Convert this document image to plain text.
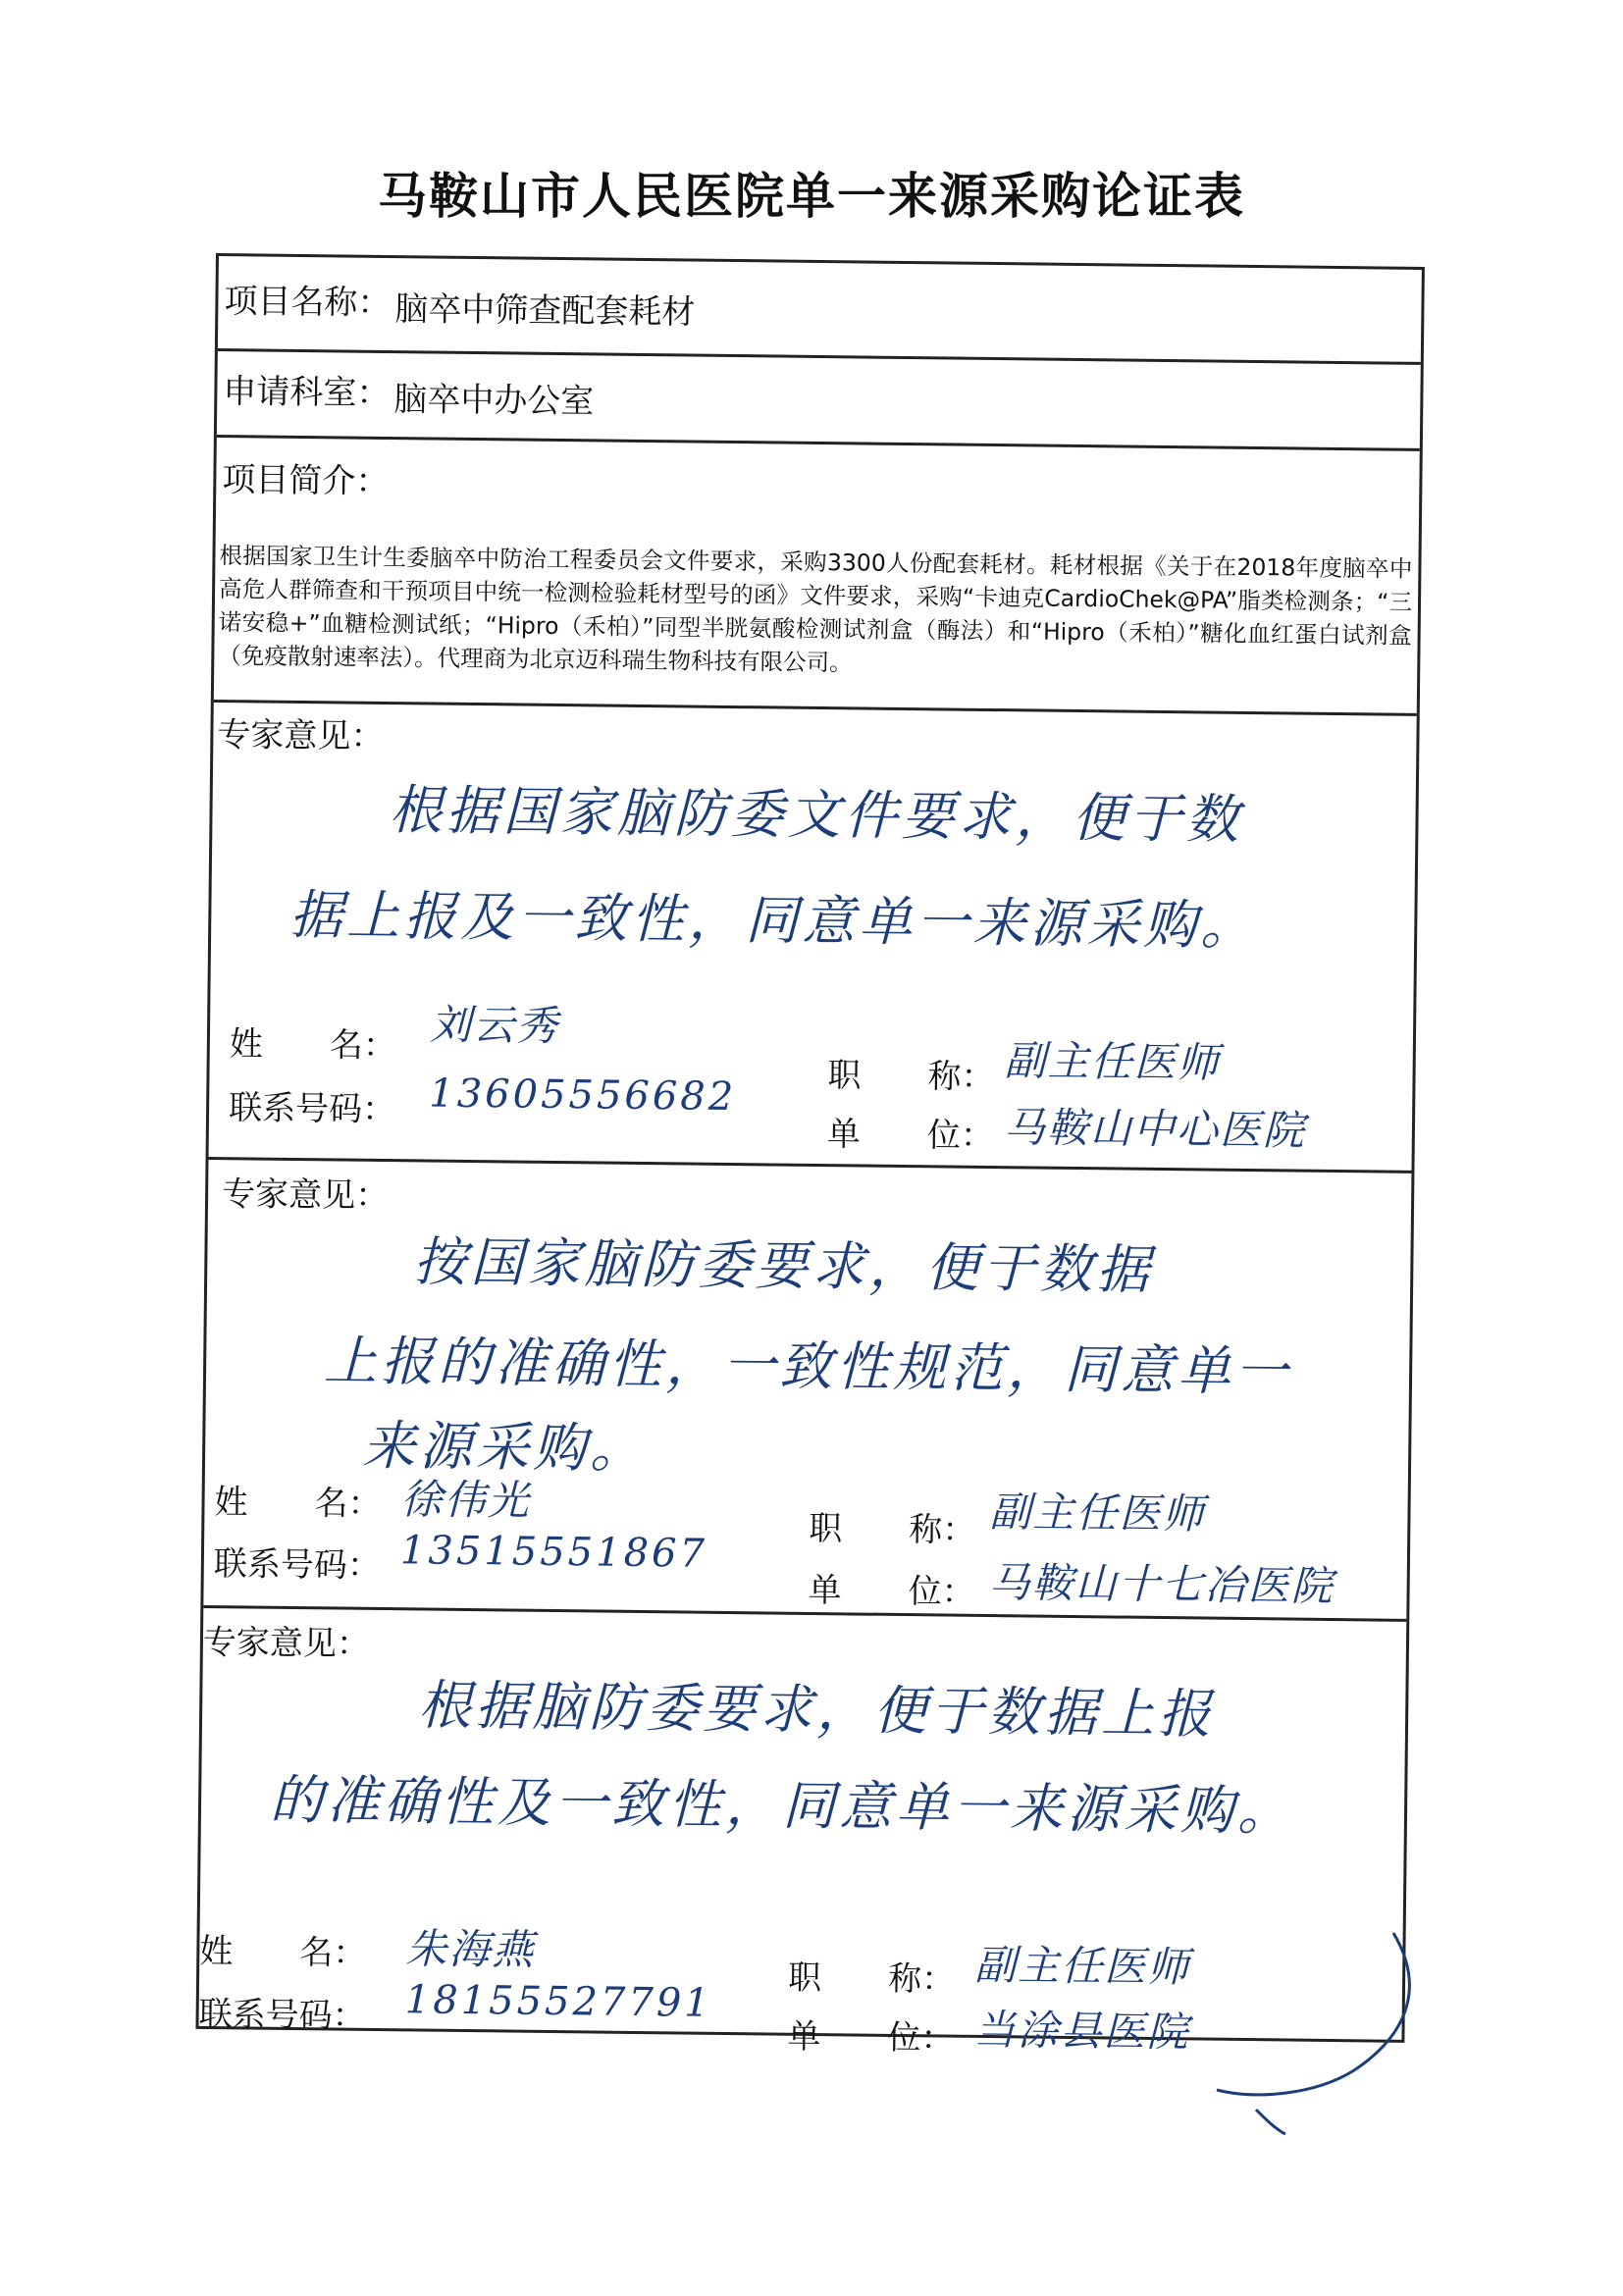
马鞍山市人民医院单一来源采购论证表
项目名称： 脑卒中筛查配套耗材
申请科室： 脑卒中办公室
项目简介：
根据国家卫生计生委脑卒中防治工程委员会文件要求，采购3300人份配套耗材。耗材根据《关于在2018年度脑卒中高危人群筛查和干预项目中统一检测检验耗材型号的函》文件要求，采购“卡迪克CardioChek@PA”脂类检测条；“三诺安稳+”血糖检测试纸；“Hipro（禾柏）”同型半胱氨酸检测试剂盒（酶法）和“Hipro（禾柏）”糖化血红蛋白试剂盒（免疫散射速率法）。代理商为北京迈科瑞生物科技有限公司。
专家意见：
根据国家脑防委文件要求，便于数
据上报及一致性，同意单一来源采购。
姓　　名： 刘云秀
联系号码： 13605556682	职　　称： 副主任医师
单　　位： 马鞍山中心医院
专家意见：
按国家脑防委要求，便于数据
上报的准确性，一致性规范，同意单一
来源采购。
姓　　名： 徐伟光
联系号码： 13515551867	职　　称： 副主任医师
单　　位： 马鞍山十七冶医院
专家意见：
根据脑防委要求，便于数据上报
的准确性及一致性，同意单一来源采购。
姓　　名： 朱海燕
联系号码： 18155527791 职　　称： 副主任医师
单　　位： 当涂县医院
